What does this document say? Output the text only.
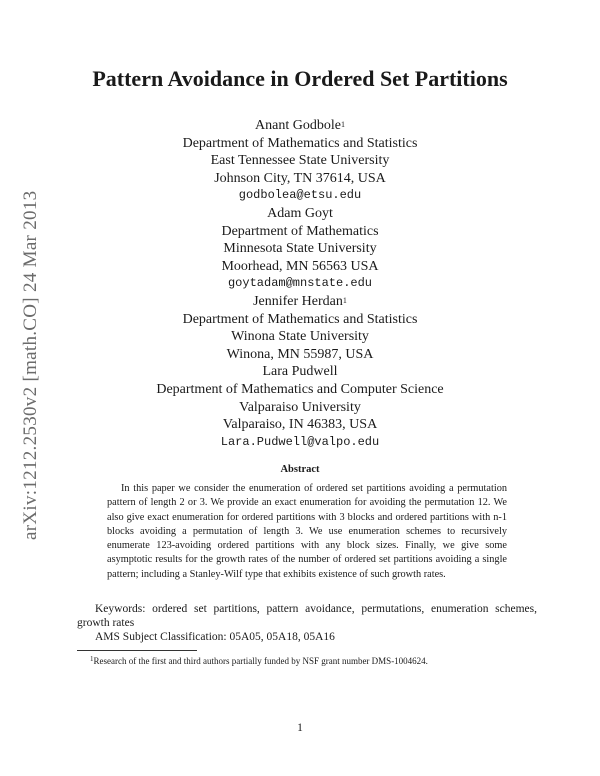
arXiv:1212.2530v2 [math.CO] 24 Mar 2013
Pattern Avoidance in Ordered Set Partitions
Anant Godbole$^1$
Department of Mathematics and Statistics
East Tennessee State University
Johnson City, TN 37614, USA
godbolea@etsu.edu
Adam Goyt
Department of Mathematics
Minnesota State University
Moorhead, MN 56563 USA
goytadam@mnstate.edu
Jennifer Herdan$^1$
Department of Mathematics and Statistics
Winona State University
Winona, MN 55987, USA
Lara Pudwell
Department of Mathematics and Computer Science
Valparaiso University
Valparaiso, IN 46383, USA
Lara.Pudwell@valpo.edu
Abstract
In this paper we consider the enumeration of ordered set partitions avoiding a permutation pattern of length 2 or 3. We provide an exact enumeration for avoiding the permutation 12. We also give exact enumeration for ordered partitions with 3 blocks and ordered partitions with n-1 blocks avoiding a permutation of length 3. We use enumeration schemes to recursively enumerate 123-avoiding ordered partitions with any block sizes. Finally, we give some asymptotic results for the growth rates of the number of ordered set partitions avoiding a single pattern; including a Stanley-Wilf type that exhibits existence of such growth rates.
Keywords: ordered set partitions, pattern avoidance, permutations, enumeration schemes, growth rates
AMS Subject Classification: 05A05, 05A18, 05A16
$^1$Research of the first and third authors partially funded by NSF grant number DMS-1004624.
1
